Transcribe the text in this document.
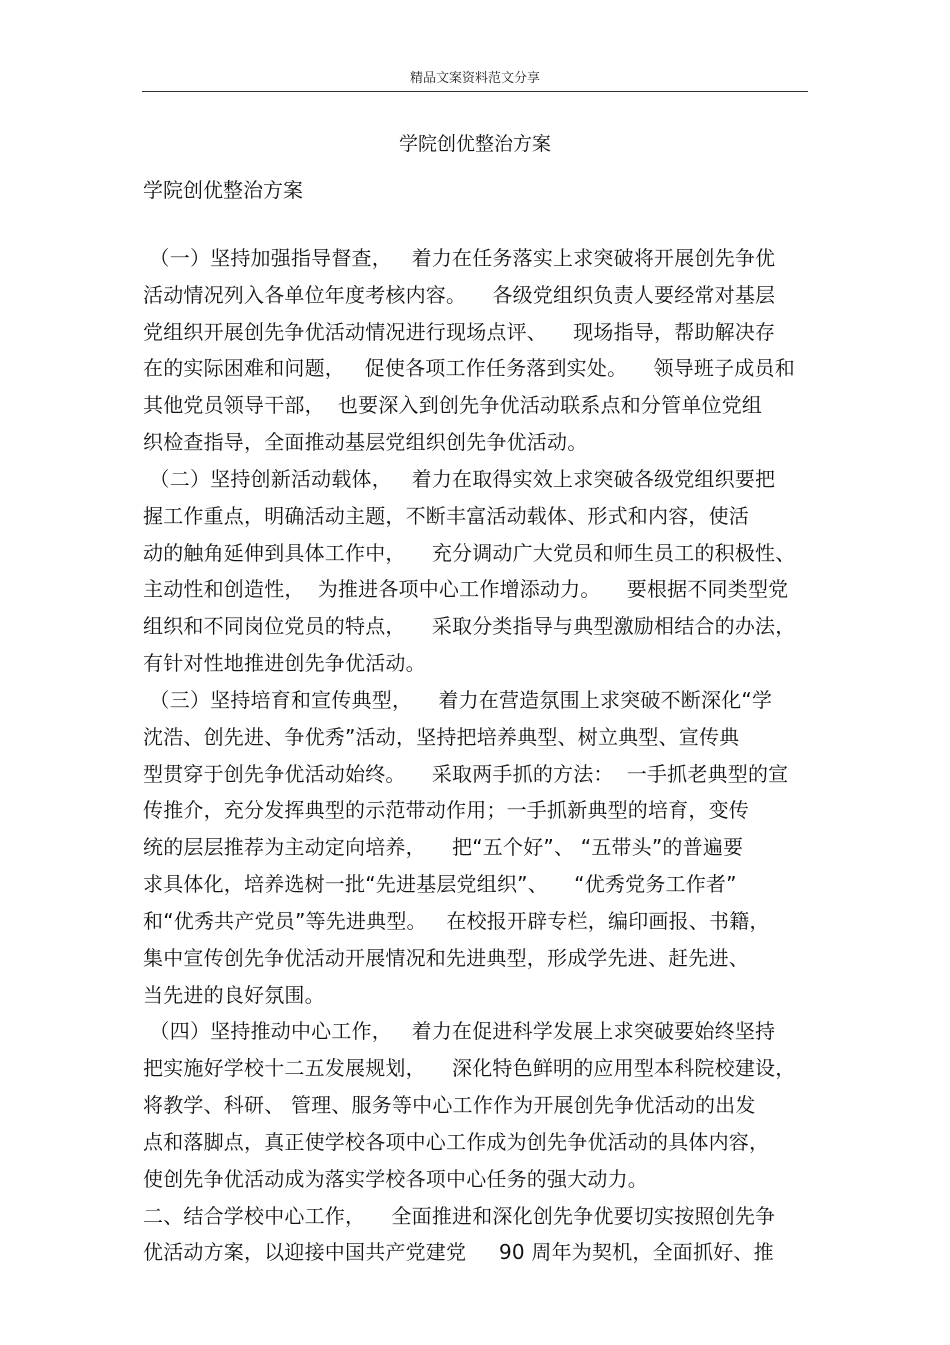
精品文案资料范文分享
学院创优整治方案
学院创优整治方案
（一）坚持加强指导督查，   着力在任务落实上求突破将开展创先争优
活动情况列入各单位年度考核内容。    各级党组织负责人要经常对基层
党组织开展创先争优活动情况进行现场点评、    现场指导，帮助解决存
在的实际困难和问题，   促使各项工作任务落到实处。    领导班子成员和
其他党员领导干部，  也要深入到创先争优活动联系点和分管单位党组
织检查指导，全面推动基层党组织创先争优活动。
（二）坚持创新活动载体，   着力在取得实效上求突破各级党组织要把
握工作重点，明确活动主题，不断丰富活动载体、形式和内容，使活
动的触角延伸到具体工作中，    充分调动广大党员和师生员工的积极性、
主动性和创造性，  为推进各项中心工作增添动力。    要根据不同类型党
组织和不同岗位党员的特点，    采取分类指导与典型激励相结合的办法，
有针对性地推进创先争优活动。
（三）坚持培育和宣传典型，    着力在营造氛围上求突破不断深化“学
沈浩、创先进、争优秀”活动，坚持把培养典型、树立典型、宣传典
型贯穿于创先争优活动始终。    采取两手抓的方法：  一手抓老典型的宣
传推介，充分发挥典型的示范带动作用；一手抓新典型的培育，变传
统的层层推荐为主动定向培养，    把“五个好”、 “五带头”的普遍要
求具体化，培养选树一批“先进基层党组织”、    “优秀党务工作者”
和“优秀共产党员”等先进典型。   在校报开辟专栏，编印画报、书籍，
集中宣传创先争优活动开展情况和先进典型，形成学先进、赶先进、
当先进的良好氛围。
（四）坚持推动中心工作，   着力在促进科学发展上求突破要始终坚持
把实施好学校十二五发展规划，    深化特色鲜明的应用型本科院校建设，
将教学、科研、 管理、服务等中心工作作为开展创先争优活动的出发
点和落脚点，真正使学校各项中心工作成为创先争优活动的具体内容，
使创先争优活动成为落实学校各项中心任务的强大动力。
二、结合学校中心工作，    全面推进和深化创先争优要切实按照创先争
优活动方案，以迎接中国共产党建党     90 周年为契机，全面抓好、推
